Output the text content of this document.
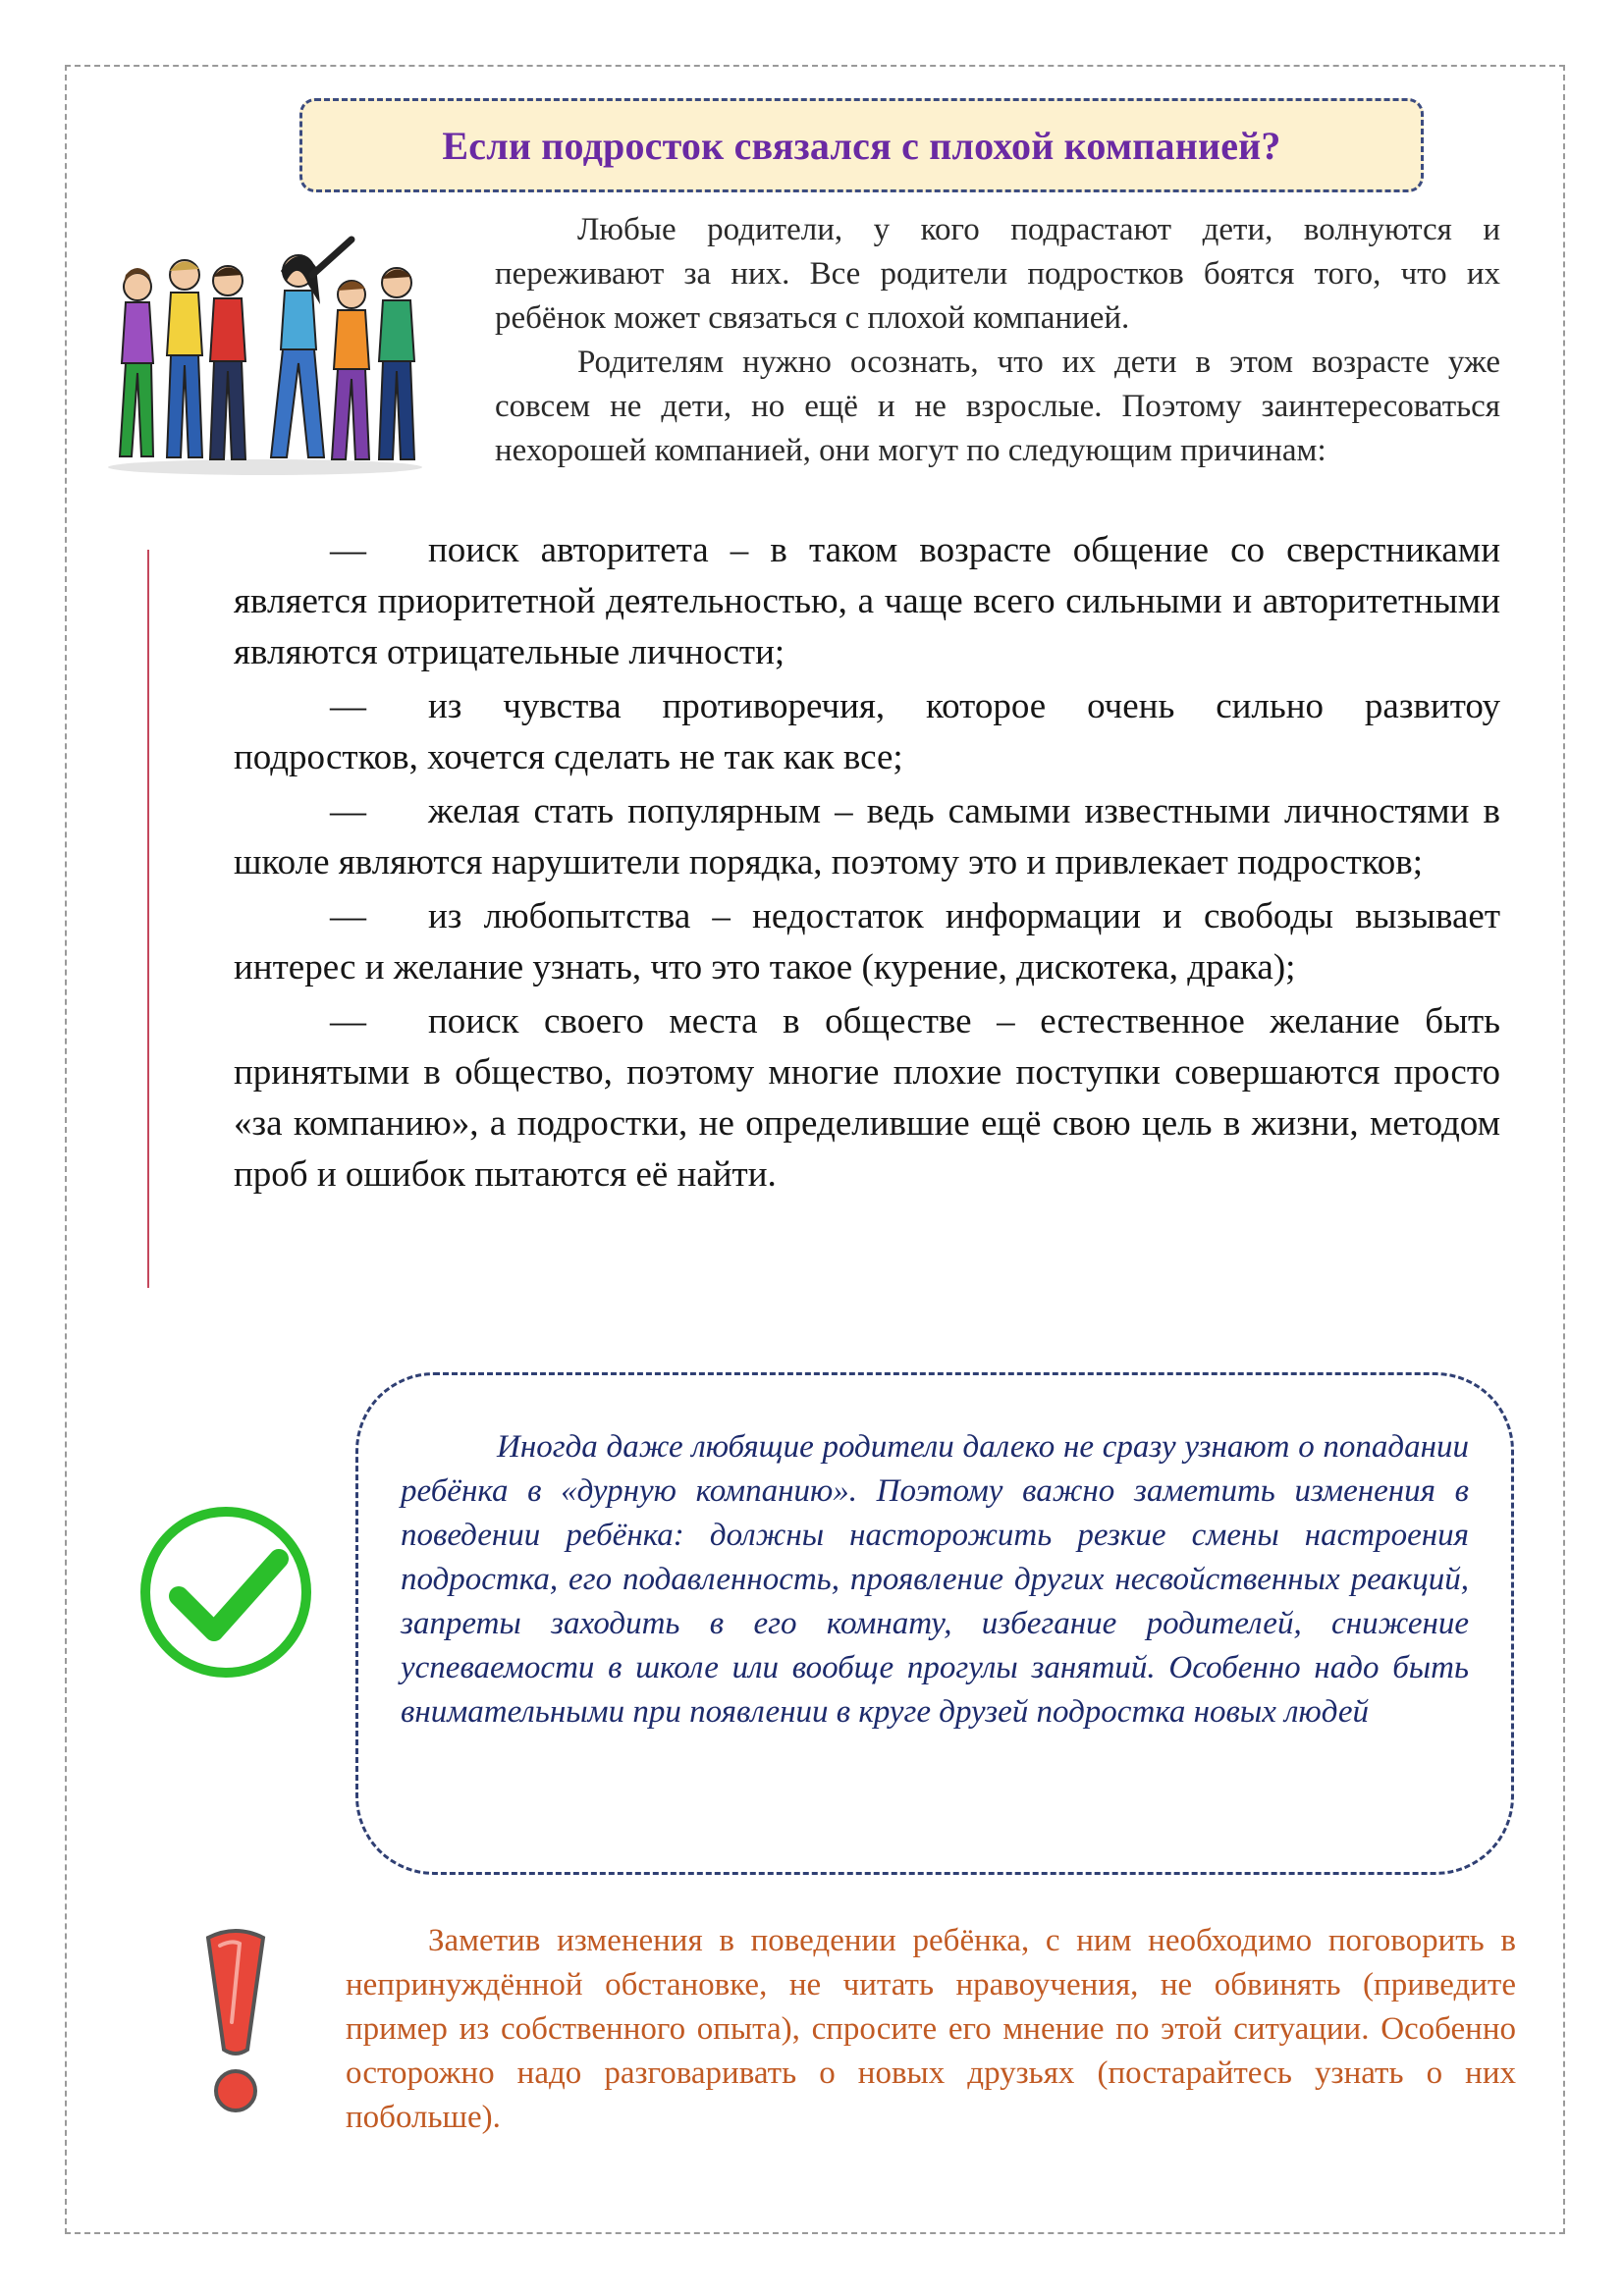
Если подросток связался с плохой компанией?

Любые родители, у кого подрастают дети, волнуются и переживают за них. Все родители подростков боятся того, что их ребёнок может связаться с плохой компанией.

Родителям нужно осознать, что их дети в этом возрасте уже совсем не дети, но ещё и не взрослые. Поэтому заинтересоваться нехорошей компанией, они могут по следующим причинам:

— поиск авторитета – в таком возрасте общение со сверстниками является приоритетной деятельностью, а чаще всего сильными и авторитетными являются отрицательные личности;

— из чувства противоречия, которое очень сильно развитоу подростков, хочется сделать не так как все;

— желая стать популярным – ведь самыми известными личностями в школе являются нарушители порядка, поэтому это и привлекает подростков;

— из любопытства – недостаток информации и свободы вызывает интерес и желание узнать, что это такое (курение, дискотека, драка);

— поиск своего места в обществе – естественное желание быть принятыми в общество, поэтому многие плохие поступки совершаются просто «за компанию», а подростки, не определившие ещё свою цель в жизни, методом проб и ошибок пытаются её найти.

Иногда даже любящие родители далеко не сразу узнают о попадании ребёнка в «дурную компанию». Поэтому важно заметить изменения в поведении ребёнка: должны насторожить резкие смены настроения подростка, его подавленность, проявление других несвойственных реакций, запреты заходить в его комнату, избегание родителей, снижение успеваемости в школе или вообще прогулы занятий. Особенно надо быть внимательными при появлении в круге друзей подростка новых людей

Заметив изменения в поведении ребёнка, с ним необходимо поговорить в непринуждённой обстановке, не читать нравоучения, не обвинять (приведите пример из собственного опыта), спросите его мнение по этой ситуации. Особенно осторожно надо разговаривать о новых друзьях (постарайтесь узнать о них побольше).
